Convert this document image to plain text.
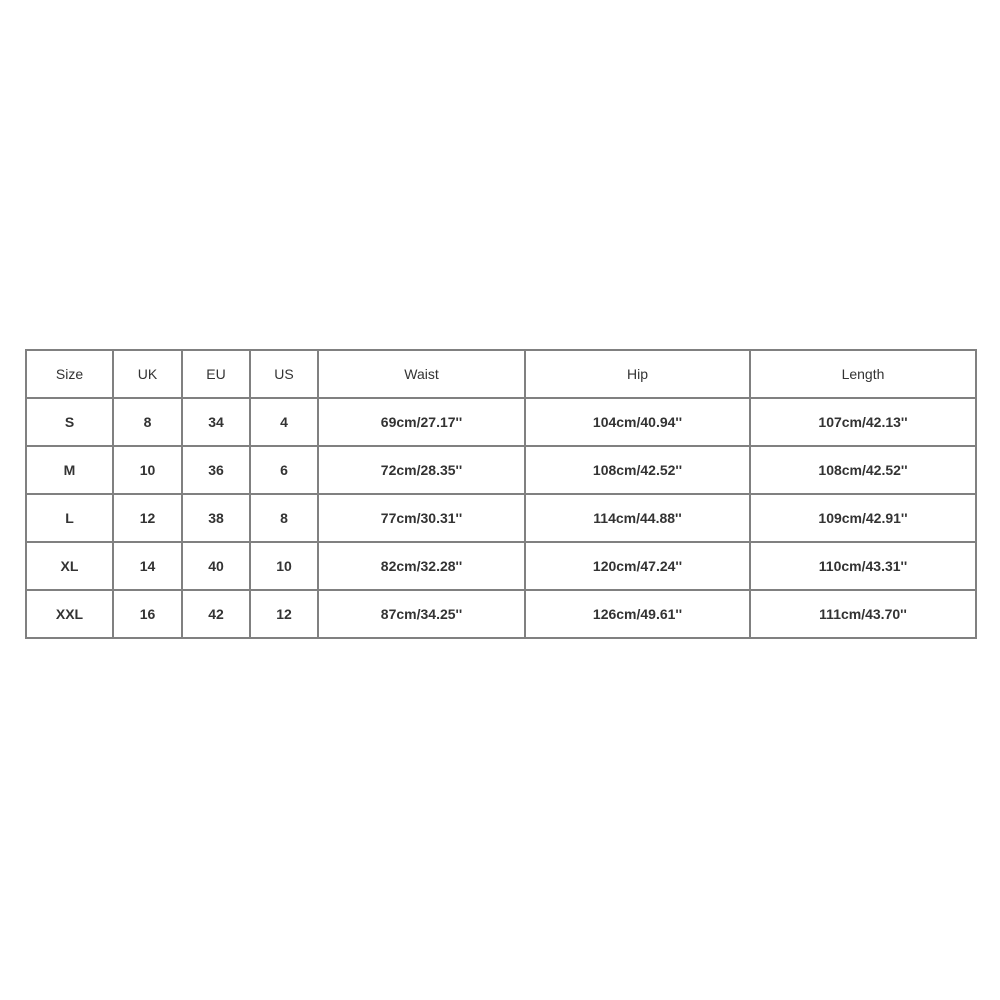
Size	UK	EU	US	Waist	Hip	Length
S	8	34	4	69cm/27.17''	104cm/40.94''	107cm/42.13''
M	10	36	6	72cm/28.35''	108cm/42.52''	108cm/42.52''
L	12	38	8	77cm/30.31''	114cm/44.88''	109cm/42.91''
XL	14	40	10	82cm/32.28''	120cm/47.24''	110cm/43.31''
XXL	16	42	12	87cm/34.25''	126cm/49.61''	111cm/43.70''
